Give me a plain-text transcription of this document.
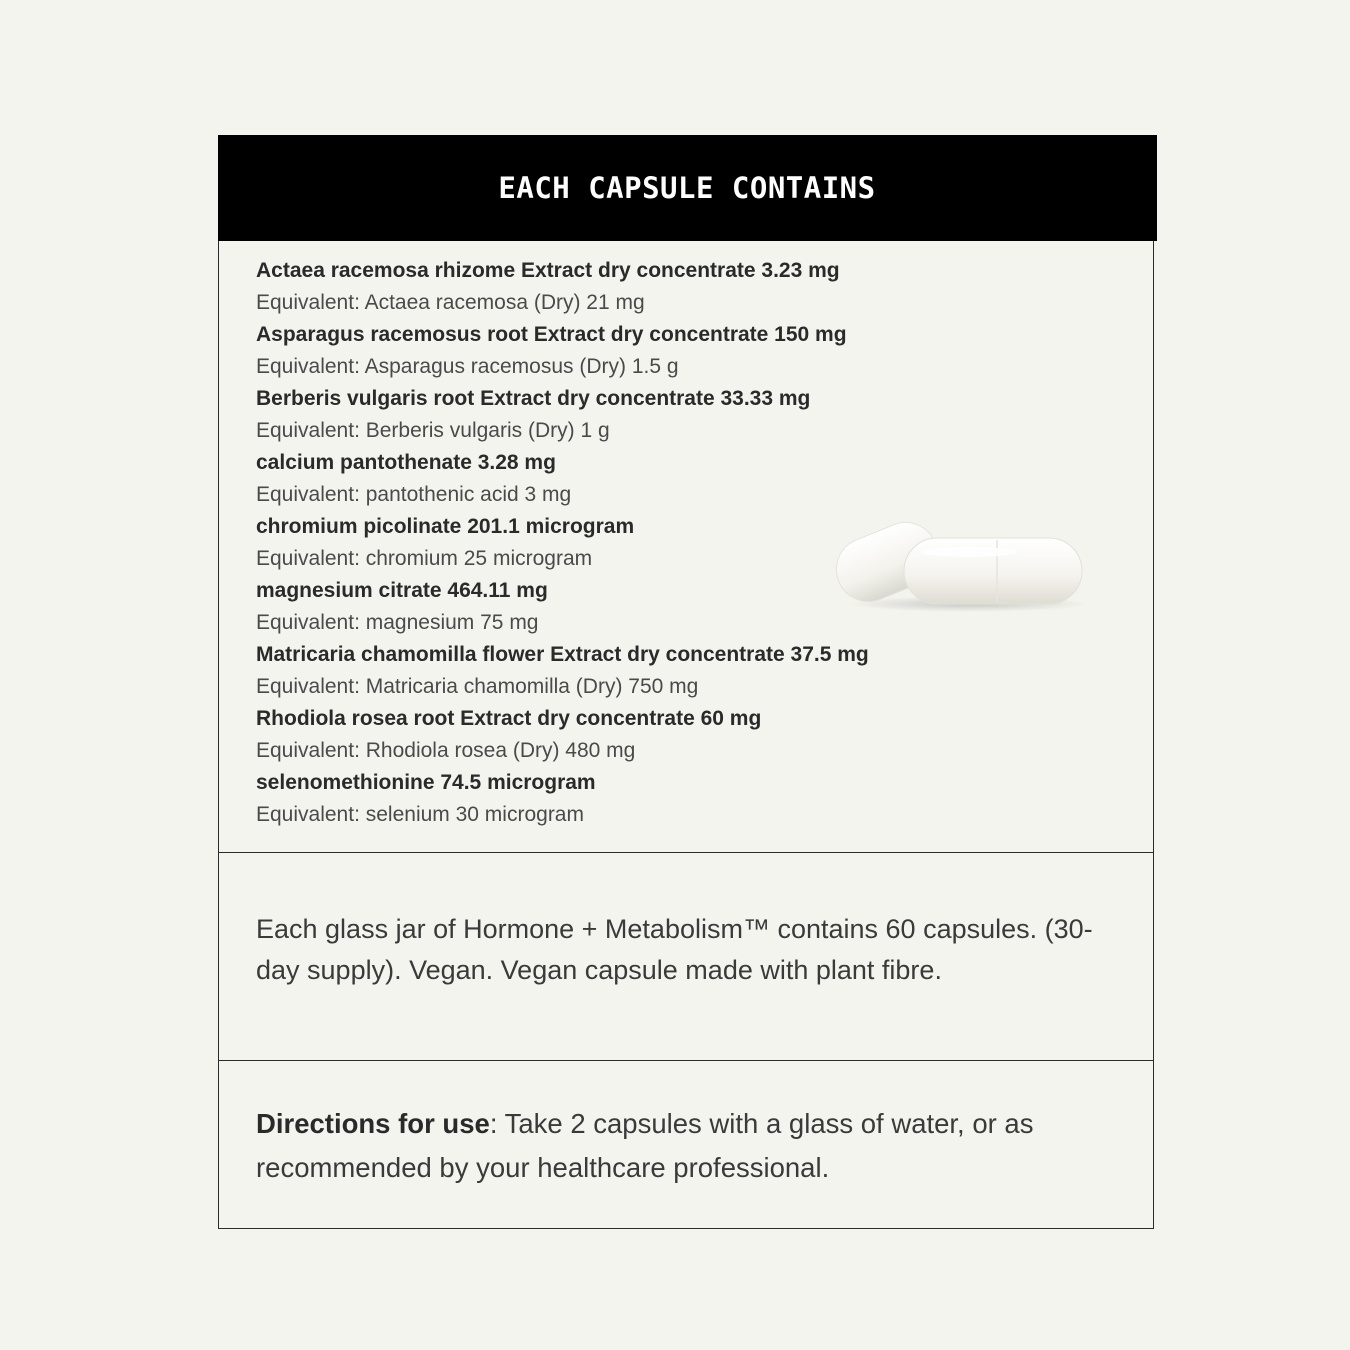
EACH CAPSULE CONTAINS
Actaea racemosa rhizome Extract dry concentrate 3.23 mg
Equivalent: Actaea racemosa (Dry) 21 mg
Asparagus racemosus root Extract dry concentrate 150 mg
Equivalent: Asparagus racemosus (Dry) 1.5 g
Berberis vulgaris root Extract dry concentrate 33.33 mg
Equivalent: Berberis vulgaris (Dry) 1 g
calcium pantothenate 3.28 mg
Equivalent: pantothenic acid 3 mg
chromium picolinate 201.1 microgram
Equivalent: chromium 25 microgram
magnesium citrate 464.11 mg
Equivalent: magnesium 75 mg
Matricaria chamomilla flower Extract dry concentrate 37.5 mg
Equivalent: Matricaria chamomilla (Dry) 750 mg
Rhodiola rosea root Extract dry concentrate 60 mg
Equivalent: Rhodiola rosea (Dry) 480 mg
selenomethionine 74.5 microgram
Equivalent: selenium 30 microgram
Each glass jar of Hormone + Metabolism™ contains 60 capsules. (30-day supply). Vegan. Vegan capsule made with plant fibre.
Directions for use: Take 2 capsules with a glass of water, or as recommended by your healthcare professional.
